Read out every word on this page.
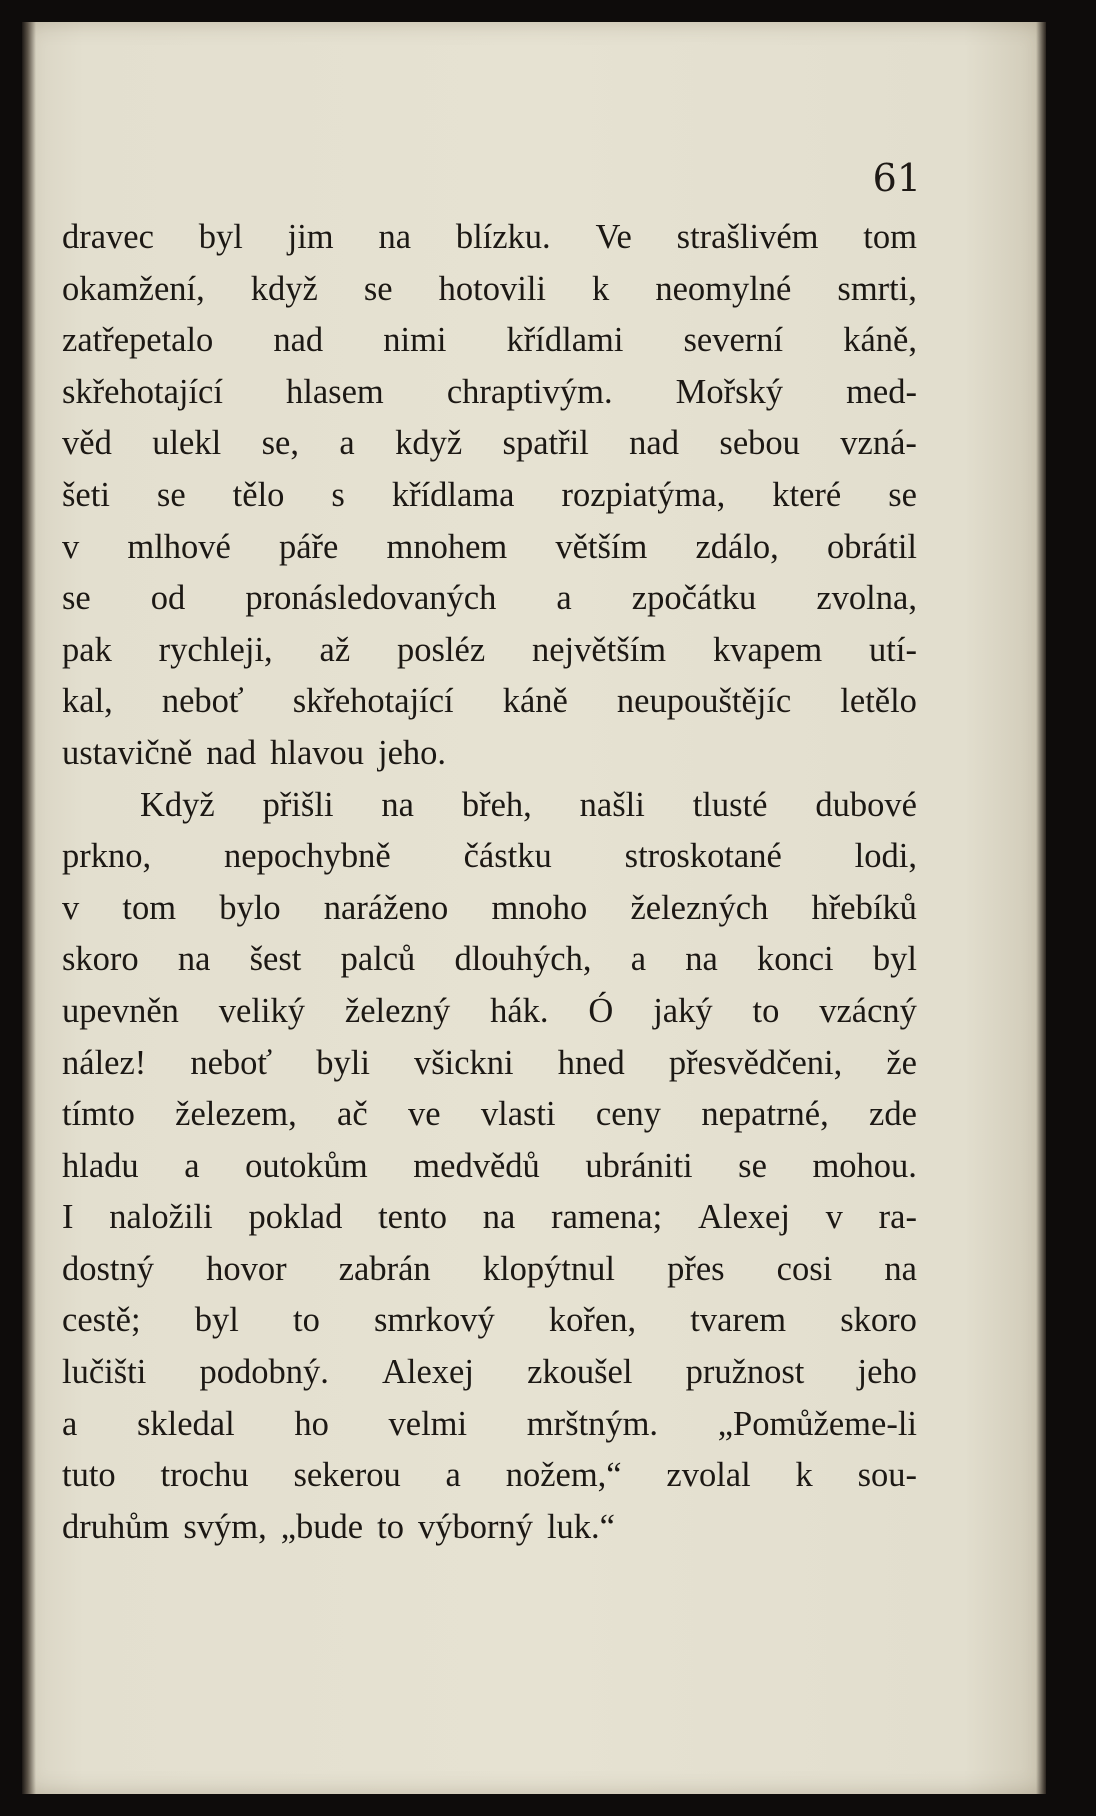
61
dravec byl jim na blízku. Ve strašlivém tom
okamžení, když se hotovili k neomylné smrti,
zatřepetalo nad nimi křídlami severní káně,
skřehotající hlasem chraptivým. Mořský med-
věd ulekl se, a když spatřil nad sebou vzná-
šeti se tělo s křídlama rozpiatýma, které se
v mlhové páře mnohem větším zdálo, obrátil
se od pronásledovaných a zpočátku zvolna,
pak rychleji, až posléz největším kvapem utí-
kal, neboť skřehotající káně neupouštějíc letělo
ustavičně nad hlavou jeho.
Když přišli na břeh, našli tlusté dubové
prkno, nepochybně částku stroskotané lodi,
v tom bylo naráženo mnoho železných hřebíků
skoro na šest palců dlouhých, a na konci byl
upevněn veliký železný hák. Ó jaký to vzácný
nález! neboť byli všickni hned přesvědčeni, že
tímto železem, ač ve vlasti ceny nepatrné, zde
hladu a outokům medvědů ubrániti se mohou.
I naložili poklad tento na ramena; Alexej v ra-
dostný hovor zabrán klopýtnul přes cosi na
cestě; byl to smrkový kořen, tvarem skoro
lučišti podobný. Alexej zkoušel pružnost jeho
a skledal ho velmi mrštným. „Pomůžeme-li
tuto trochu sekerou a nožem,“ zvolal k sou-
druhům svým, „bude to výborný luk.“
